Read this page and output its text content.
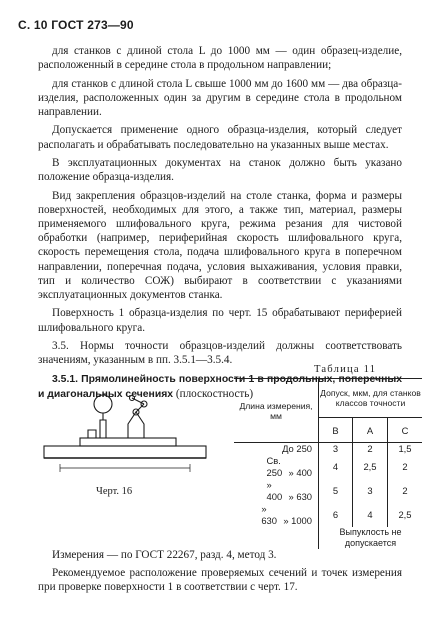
С. 10 ГОСТ 273—90

для станков с длиной стола L до 1000 мм — один образец-изделие, расположенный в середине стола в продольном направлении;

для станков с длиной стола L свыше 1000 мм до 1600 мм — два образца-изделия, расположенных один за другим в середине стола в продольном направлении.

Допускается применение одного образца-изделия, который следует располагать и обрабатывать последовательно на указанных выше местах.

В эксплуатационных документах на станок должно быть указано положение образца-изделия.

Вид закрепления образцов-изделий на столе станка, форма и размеры поверхностей, необходимых для этого, а также тип, материал, размеры применяемого шлифовального круга, режима резания для чистовой обработки (например, периферийная скорость шлифовального круга, скорость перемещения стола, подача шлифовального круга в поперечном направлении, поперечная подача, условия выхаживания, условия правки, тип и количество СОЖ) выбирают в соответствии с указаниями эксплуатационных документов станка.

Поверхность 1 образца-изделия по черт. 15 обрабатывают периферией шлифовального круга.

3.5. Нормы точности образцов-изделий должны соответствовать значениям, указанным в пп. 3.5.1—3.5.4.

3.5.1. Прямолинейность поверхности 1 в продольных, поперечных и диагональных сечениях (плоскостность)

Черт. 16
Таблица 11
Длина измерения, мм	Допуск, мкм, для станков классов точности		
	В	А	С
До 250	3	2	1,5
Св. 250 » 400	4	2,5	2
» 400 » 630	5	3	2
» 630 » 1000	6	4	2,5
	Выпуклость не допускается		

Измерения — по ГОСТ 22267, разд. 4, метод 3.

Рекомендуемое расположение проверяемых сечений и точек измерения при проверке поверхности 1 в соответствии с черт. 17.
